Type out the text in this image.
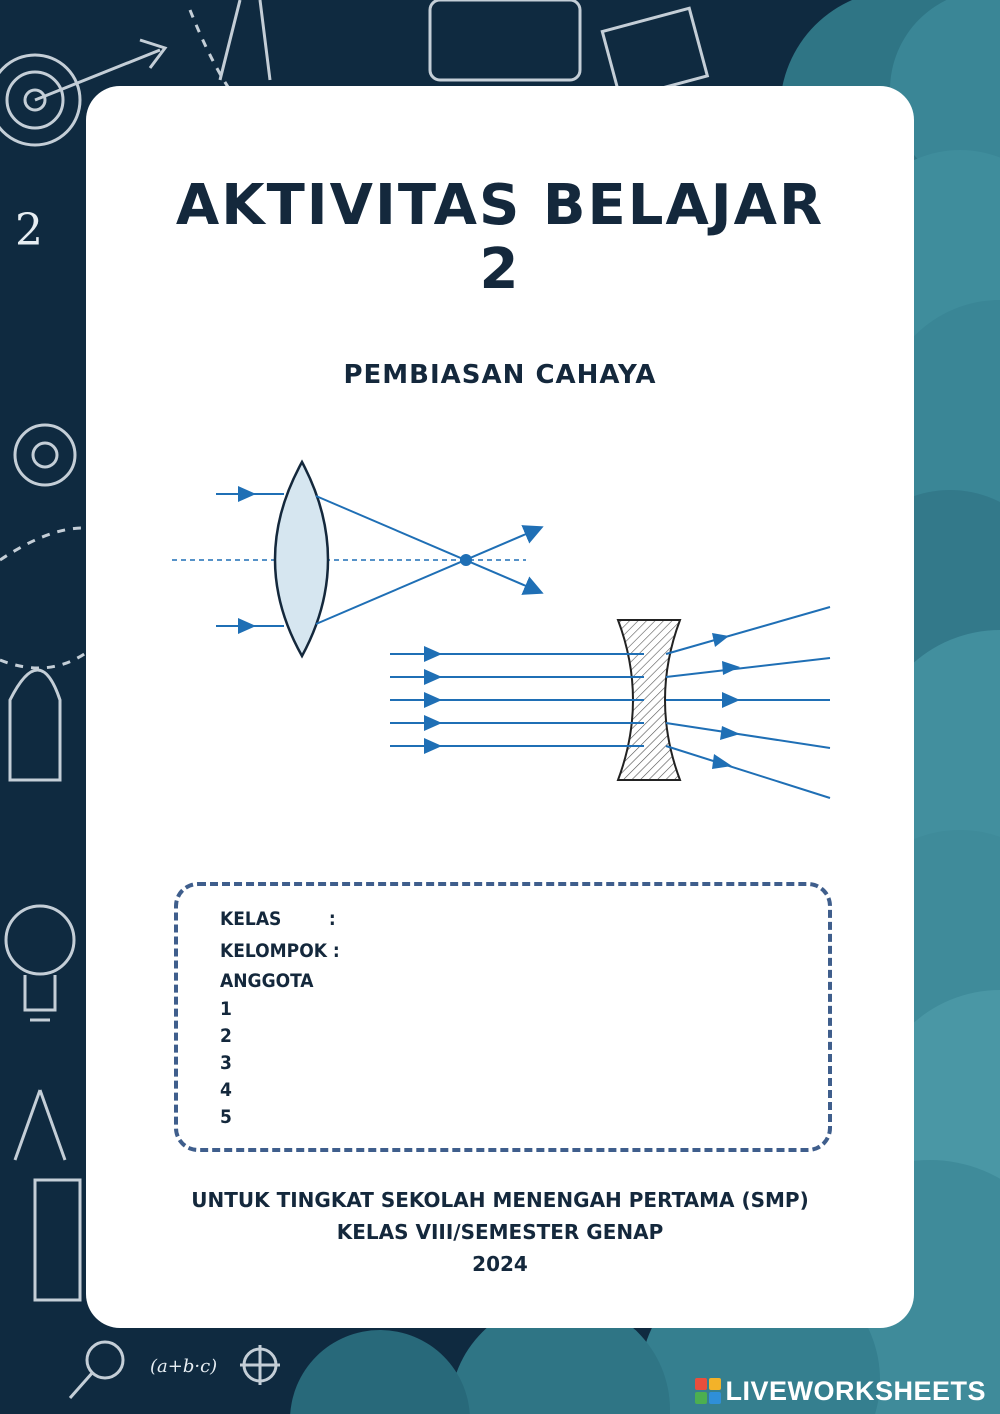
2
(a+b·c)
AKTIVITAS BELAJAR
2
PEMBIASAN CAHAYA
KELAS        :
KELOMPOK :
ANGGOTA
1
2
3
4
5
UNTUK TINGKAT SEKOLAH MENENGAH PERTAMA (SMP)
KELAS VIII/SEMESTER GENAP
2024
LIVEWORKSHEETS
